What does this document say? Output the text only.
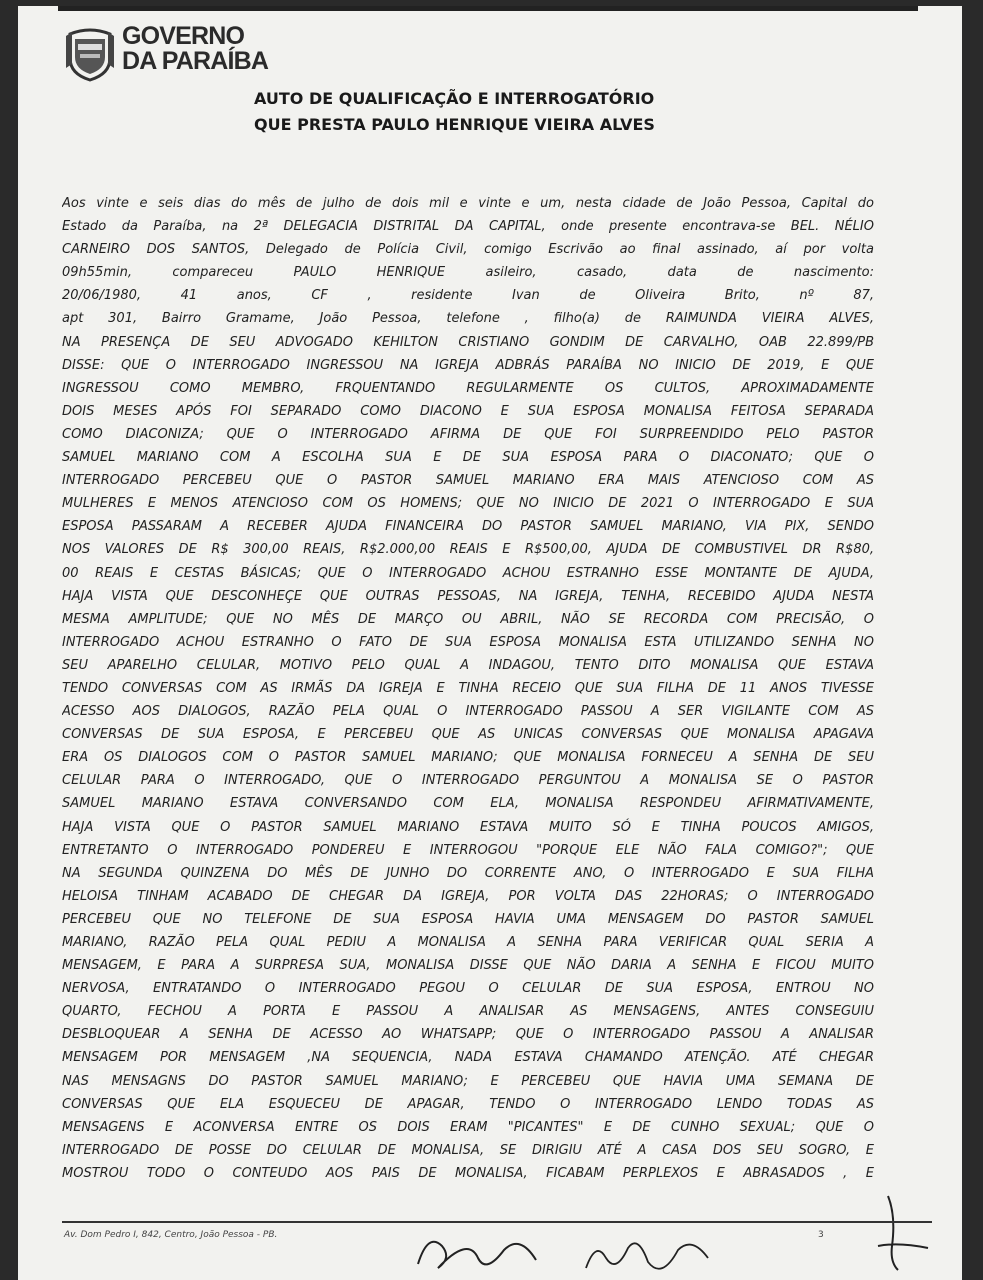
GOVERNO
DA PARAÍBA
AUTO DE QUALIFICAÇÃO E INTERROGATÓRIO
QUE PRESTA PAULO HENRIQUE VIEIRA ALVES
Aos vinte e seis dias do mês de julho de dois mil e vinte e um, nesta cidade de João Pessoa, Capital do
Estado da Paraíba, na 2ª DELEGACIA DISTRITAL DA CAPITAL, onde presente encontrava-se BEL. NÉLIO
CARNEIRO DOS SANTOS, Delegado de Polícia Civil, comigo Escrivão ao final assinado, aí por volta
09h55min, compareceu PAULO HENRIQUE asileiro, casado, data de nascimento:
20/06/1980, 41 anos, CF , residente Ivan de Oliveira Brito, nº 87,
apt 301, Bairro Gramame, João Pessoa, telefone , filho(a) de RAIMUNDA VIEIRA ALVES,
NA PRESENÇA DE SEU ADVOGADO KEHILTON CRISTIANO GONDIM DE CARVALHO, OAB 22.899/PB
DISSE: QUE O INTERROGADO INGRESSOU NA IGREJA ADBRÁS PARAÍBA NO INICIO DE 2019, E QUE
INGRESSOU COMO MEMBRO, FRQUENTANDO REGULARMENTE OS CULTOS, APROXIMADAMENTE
DOIS MESES APÓS FOI SEPARADO COMO DIACONO E SUA ESPOSA MONALISA FEITOSA SEPARADA
COMO DIACONIZA; QUE O INTERROGADO AFIRMA DE QUE FOI SURPREENDIDO PELO PASTOR
SAMUEL MARIANO COM A ESCOLHA SUA E DE SUA ESPOSA PARA O DIACONATO; QUE O
INTERROGADO PERCEBEU QUE O PASTOR SAMUEL MARIANO ERA MAIS ATENCIOSO COM AS
MULHERES E MENOS ATENCIOSO COM OS HOMENS; QUE NO INICIO DE 2021 O INTERROGADO E SUA
ESPOSA PASSARAM A RECEBER AJUDA FINANCEIRA DO PASTOR SAMUEL MARIANO, VIA PIX, SENDO
NOS VALORES DE R$ 300,00 REAIS, R$2.000,00 REAIS E R$500,00, AJUDA DE COMBUSTIVEL DR R$80,
00 REAIS E CESTAS BÁSICAS; QUE O INTERROGADO ACHOU ESTRANHO ESSE MONTANTE DE AJUDA,
HAJA VISTA QUE DESCONHEÇE QUE OUTRAS PESSOAS, NA IGREJA, TENHA, RECEBIDO AJUDA NESTA
MESMA AMPLITUDE; QUE NO MÊS DE MARÇO OU ABRIL, NÃO SE RECORDA COM PRECISÃO, O
INTERROGADO ACHOU ESTRANHO O FATO DE SUA ESPOSA MONALISA ESTA UTILIZANDO SENHA NO
SEU APARELHO CELULAR, MOTIVO PELO QUAL A INDAGOU, TENTO DITO MONALISA QUE ESTAVA
TENDO CONVERSAS COM AS IRMÃS DA IGREJA E TINHA RECEIO QUE SUA FILHA DE 11 ANOS TIVESSE
ACESSO AOS DIALOGOS, RAZÃO PELA QUAL O INTERROGADO PASSOU A SER VIGILANTE COM AS
CONVERSAS DE SUA ESPOSA, E PERCEBEU QUE AS UNICAS CONVERSAS QUE MONALISA APAGAVA
ERA OS DIALOGOS COM O PASTOR SAMUEL MARIANO; QUE MONALISA FORNECEU A SENHA DE SEU
CELULAR PARA O INTERROGADO, QUE O INTERROGADO PERGUNTOU A MONALISA SE O PASTOR
SAMUEL MARIANO ESTAVA CONVERSANDO COM ELA, MONALISA RESPONDEU AFIRMATIVAMENTE,
HAJA VISTA QUE O PASTOR SAMUEL MARIANO ESTAVA MUITO SÓ E TINHA POUCOS AMIGOS,
ENTRETANTO O INTERROGADO PONDEREU E INTERROGOU "PORQUE ELE NÃO FALA COMIGO?"; QUE
NA SEGUNDA QUINZENA DO MÊS DE JUNHO DO CORRENTE ANO, O INTERROGADO E SUA FILHA
HELOISA TINHAM ACABADO DE CHEGAR DA IGREJA, POR VOLTA DAS 22HORAS; O INTERROGADO
PERCEBEU QUE NO TELEFONE DE SUA ESPOSA HAVIA UMA MENSAGEM DO PASTOR SAMUEL
MARIANO, RAZÃO PELA QUAL PEDIU A MONALISA A SENHA PARA VERIFICAR QUAL SERIA A
MENSAGEM, E PARA A SURPRESA SUA, MONALISA DISSE QUE NÃO DARIA A SENHA E FICOU MUITO
NERVOSA, ENTRATANDO O INTERROGADO PEGOU O CELULAR DE SUA ESPOSA, ENTROU NO
QUARTO, FECHOU A PORTA E PASSOU A ANALISAR AS MENSAGENS, ANTES CONSEGUIU
DESBLOQUEAR A SENHA DE ACESSO AO WHATSAPP; QUE O INTERROGADO PASSOU A ANALISAR
MENSAGEM POR MENSAGEM ,NA SEQUENCIA, NADA ESTAVA CHAMANDO ATENÇÃO. ATÉ CHEGAR
NAS MENSAGNS DO PASTOR SAMUEL MARIANO; E PERCEBEU QUE HAVIA UMA SEMANA DE
CONVERSAS QUE ELA ESQUECEU DE APAGAR, TENDO O INTERROGADO LENDO TODAS AS
MENSAGENS E ACONVERSA ENTRE OS DOIS ERAM "PICANTES" E DE CUNHO SEXUAL; QUE O
INTERROGADO DE POSSE DO CELULAR DE MONALISA, SE DIRIGIU ATÉ A CASA DOS SEU SOGRO, E
MOSTROU TODO O CONTEUDO AOS PAIS DE MONALISA, FICABAM PERPLEXOS E ABRASADOS , E
Av. Dom Pedro I, 842, Centro, João Pessoa - PB.	3
